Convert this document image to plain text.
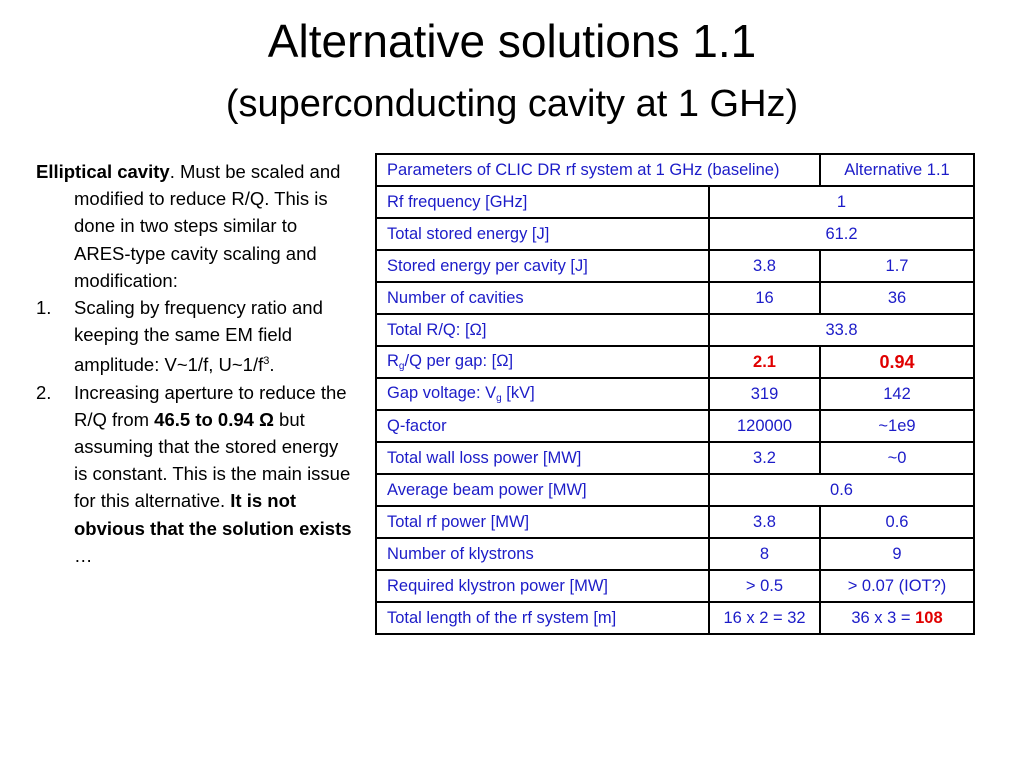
Alternative solutions 1.1
(superconducting cavity at 1 GHz)

Elliptical cavity. Must be scaled and modified to reduce R/Q. This is done in two steps similar to ARES-type cavity scaling and modification:

1. Scaling by frequency ratio and keeping the same EM field amplitude: V~1/f, $U\sim 1/f^3$.
2. Increasing aperture to reduce the R/Q from 46.5 to 0.94 Ω but assuming that the stored energy is constant. This is the main issue for this alternative. It is not obvious that the solution exists …
Parameters of CLIC DR rf system at 1 GHz (baseline)		Alternative 1.1
Rf frequency [GHz]	1	
Total stored energy [J]	61.2	
Stored energy per cavity [J]	3.8	1.7
Number of cavities	16	36
Total R/Q: [Ω]	33.8	
$R_g/Q$ per gap: [Ω]	2.1	0.94
Gap voltage: $V_g$ [kV]	319	142
Q-factor	120000	~1e9
Total wall loss power [MW]	3.2	~0
Average beam power [MW]	0.6	
Total rf power [MW]	3.8	0.6
Number of klystrons	8	9
Required klystron power [MW]	> 0.5	> 0.07 (IOT?)
Total length of the rf system [m]	16 x 2 = 32	36 x 3 = 108
